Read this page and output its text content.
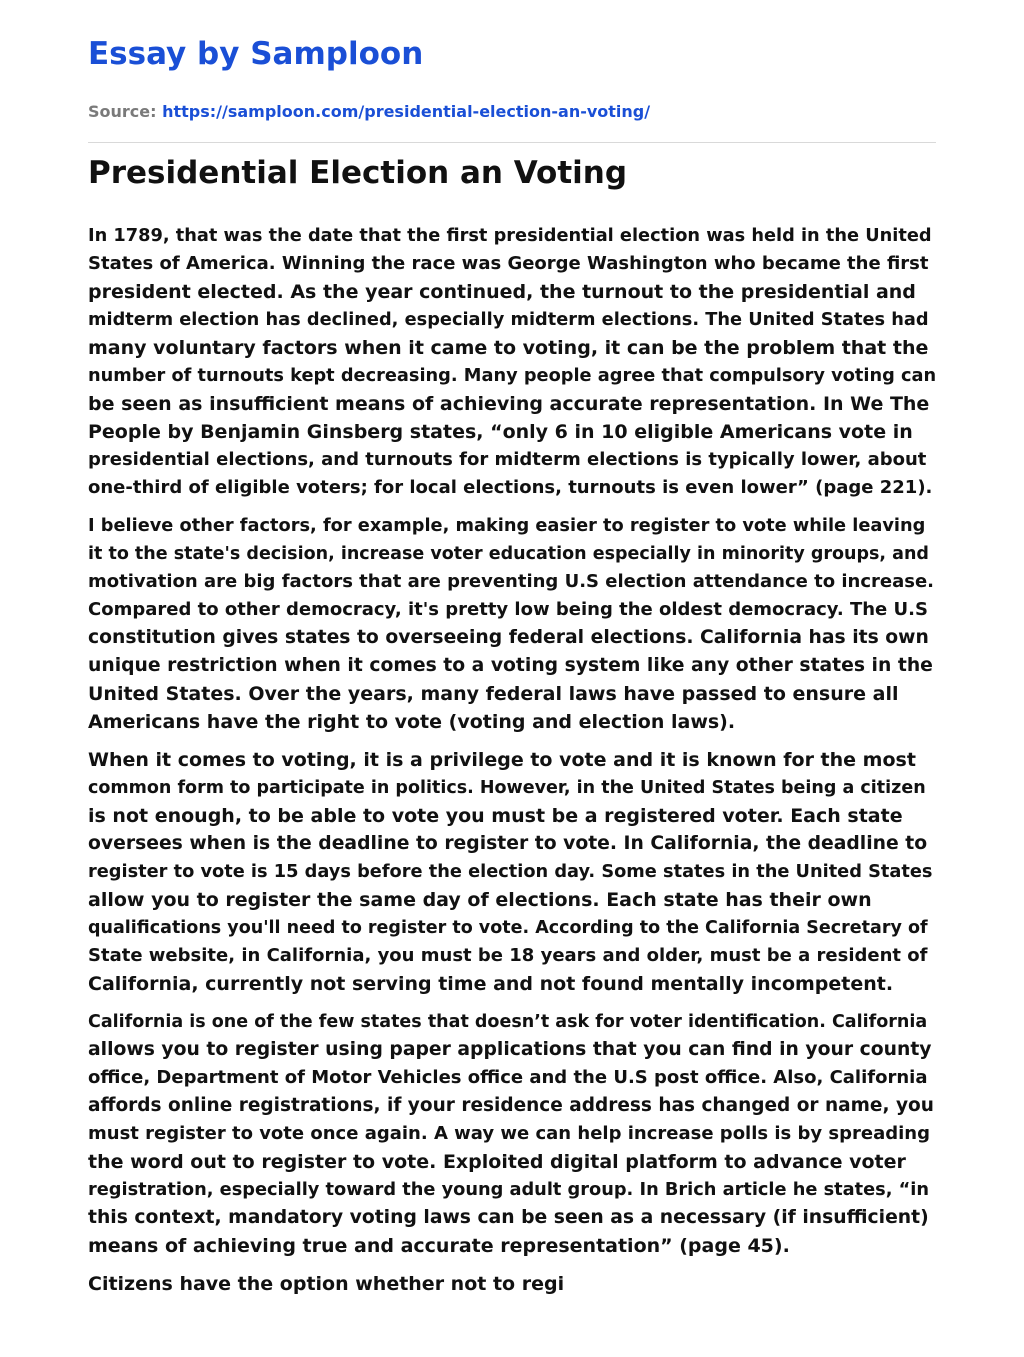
Essay by Samploon
Source: https://samploon.com/presidential-election-an-voting/
Presidential Election an Voting

In 1789, that was the date that the first presidential election was held in the United
States of America. Winning the race was George Washington who became the first
president elected. As the year continued, the turnout to the presidential and
midterm election has declined, especially midterm elections. The United States had
many voluntary factors when it came to voting, it can be the problem that the
number of turnouts kept decreasing. Many people agree that compulsory voting can
be seen as insufficient means of achieving accurate representation. In We The
People by Benjamin Ginsberg states, “only 6 in 10 eligible Americans vote in
presidential elections, and turnouts for midterm elections is typically lower, about
one-third of eligible voters; for local elections, turnouts is even lower” (page 221).

I believe other factors, for example, making easier to register to vote while leaving
it to the state's decision, increase voter education especially in minority groups, and
motivation are big factors that are preventing U.S election attendance to increase.
Compared to other democracy, it's pretty low being the oldest democracy. The U.S
constitution gives states to overseeing federal elections. California has its own
unique restriction when it comes to a voting system like any other states in the
United States. Over the years, many federal laws have passed to ensure all
Americans have the right to vote (voting and election laws).

When it comes to voting, it is a privilege to vote and it is known for the most
common form to participate in politics. However, in the United States being a citizen
is not enough, to be able to vote you must be a registered voter. Each state
oversees when is the deadline to register to vote. In California, the deadline to
register to vote is 15 days before the election day. Some states in the United States
allow you to register the same day of elections. Each state has their own
qualifications you'll need to register to vote. According to the California Secretary of
State website, in California, you must be 18 years and older, must be a resident of
California, currently not serving time and not found mentally incompetent.

California is one of the few states that doesn’t ask for voter identification. California
allows you to register using paper applications that you can find in your county
office, Department of Motor Vehicles office and the U.S post office. Also, California
affords online registrations, if your residence address has changed or name, you
must register to vote once again. A way we can help increase polls is by spreading
the word out to register to vote. Exploited digital platform to advance voter
registration, especially toward the young adult group. In Brich article he states, “in
this context, mandatory voting laws can be seen as a necessary (if insufficient)
means of achieving true and accurate representation” (page 45).

Citizens have the option whether not to regi
